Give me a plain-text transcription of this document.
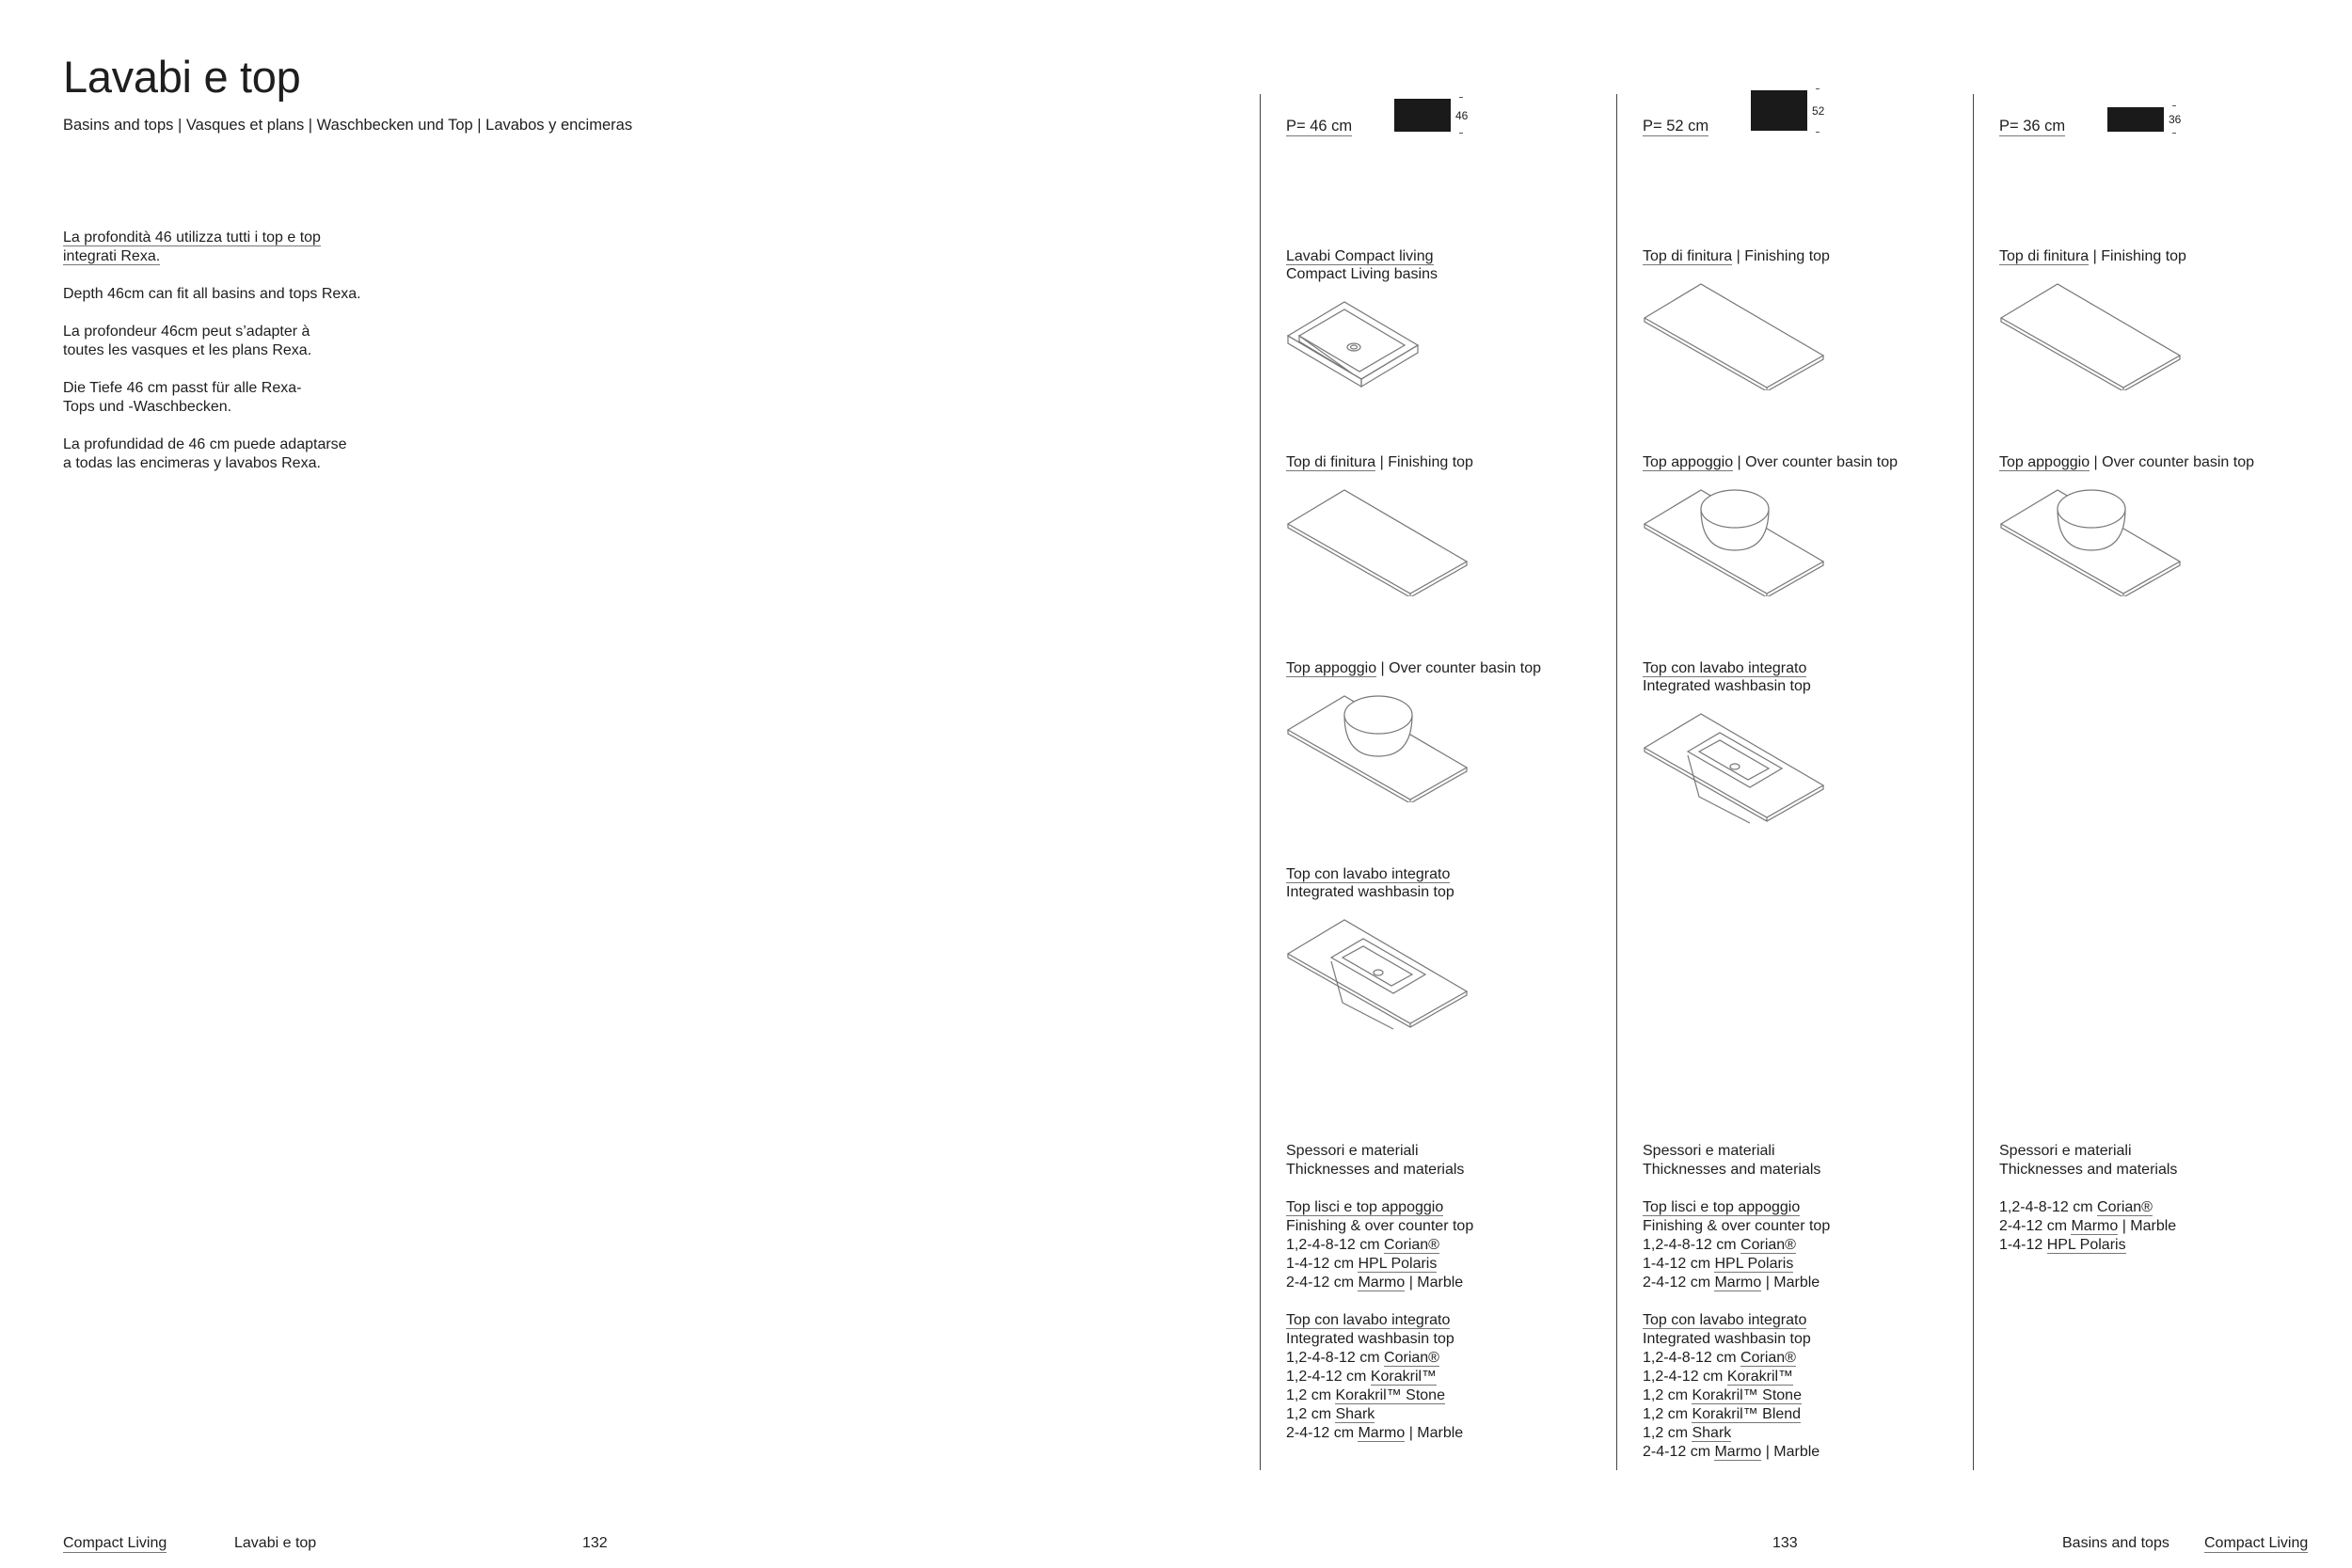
Lavabi e top
Basins and tops | Vasques et plans | Waschbecken und Top | Lavabos y encimeras

La profondità 46 utilizza tutti i top e top
integrati Rexa.

Depth 46cm can fit all basins and tops Rexa.

La profondeur 46cm peut s’adapter à
toutes les vasques et les plans Rexa.

Die Tiefe 46 cm passt für alle Rexa-
Tops und -Waschbecken.

La profundidad de 46 cm puede adaptarse
a todas las encimeras y lavabos Rexa.

P= 46 cm
46
Lavabi Compact living
Compact Living basins
Top di finitura | Finishing top
Top appoggio | Over counter basin top
Top con lavabo integrato
Integrated washbasin top
Spessori e materiali
Thicknesses and materials
Top lisci e top appoggio
Finishing & over counter top
1,2-4-8-12 cm Corian®
1-4-12 cm HPL Polaris
2-4-12 cm Marmo | Marble
Top con lavabo integrato
Integrated washbasin top
1,2-4-8-12 cm Corian®
1,2-4-12 cm Korakril™
1,2 cm Korakril™ Stone
1,2 cm Shark
2-4-12 cm Marmo | Marble
P= 52 cm
52
Top di finitura | Finishing top
Top appoggio | Over counter basin top
Top con lavabo integrato
Integrated washbasin top
Spessori e materiali
Thicknesses and materials
Top lisci e top appoggio
Finishing & over counter top
1,2-4-8-12 cm Corian®
1-4-12 cm HPL Polaris
2-4-12 cm Marmo | Marble
Top con lavabo integrato
Integrated washbasin top
1,2-4-8-12 cm Corian®
1,2-4-12 cm Korakril™
1,2 cm Korakril™ Stone
1,2 cm Korakril™ Blend
1,2 cm Shark
2-4-12 cm Marmo | Marble
P= 36 cm	36
Top di finitura | Finishing top
Top appoggio | Over counter basin top
Spessori e materiali
Thicknesses and materials
1,2-4-8-12 cm Corian®
2-4-12 cm Marmo | Marble
1-4-12 HPL Polaris
Compact Living	Lavabi e top	132	133	Basins and tops Compact Living
